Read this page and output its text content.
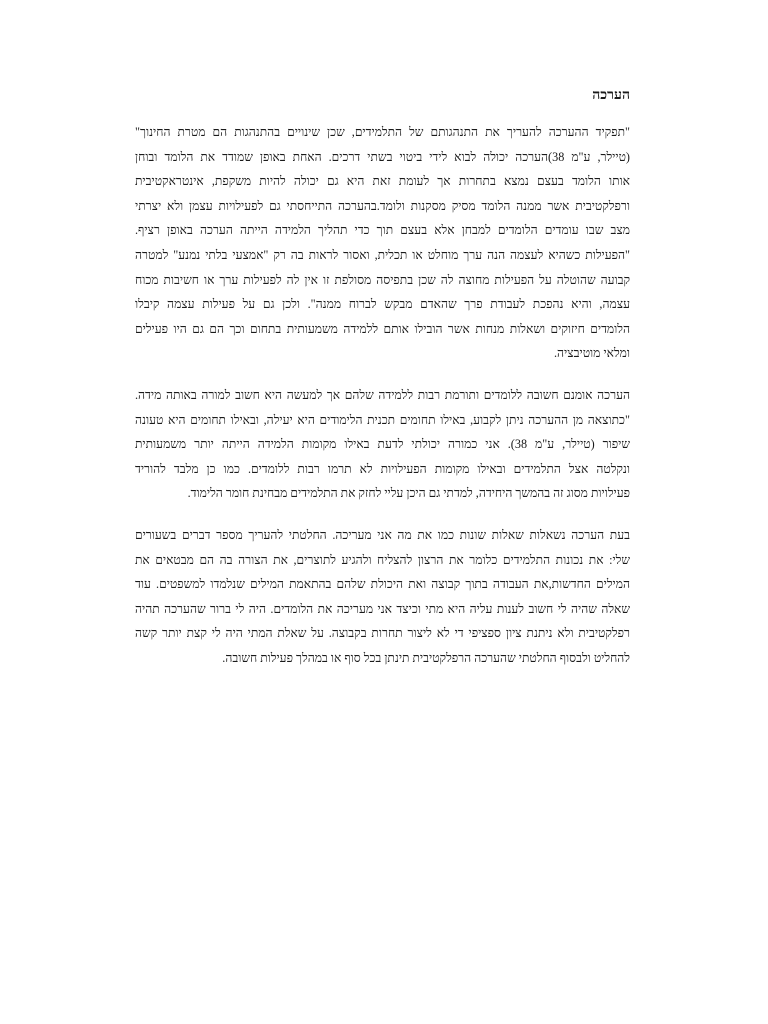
הערכה

"תפקיד ההערכה להעריך את התנהגותם של התלמידים, שכן שינויים בהתנהגות הם מטרת החינוך"
(טיילר, ע"מ 38)הערכה יכולה לבוא לידי ביטוי בשתי דרכים. האחת באופן שמודד את הלומד ובוחן
אותו הלומד בעצם נמצא בתחרות אך לעומת זאת היא גם יכולה להיות משקפת, אינטראקטיבית
ורפלקטיבית אשר ממנה הלומד מסיק מסקנות ולומד.בהערכה התייחסתי גם לפעילויות עצמן ולא יצרתי
מצב שבו עומדים הלומדים למבחן אלא בעצם תוך כדי תהליך הלמידה הייתה הערכה באופן רציף.
"הפעילות כשהיא לעצמה הנה ערך מוחלט או תכלית, ואסור לראות בה רק "אמצעי בלתי נמנע" למטרה
קבועה שהוטלה על הפעילות מחוצה לה שכן בתפיסה מסולפת זו אין לה לפעילות ערך או חשיבות מכוח
עצמה, והיא נהפכת לעבודת פרך שהאדם מבקש לברוח ממנה". ולכן גם על פעילות עצמה קיבלו
הלומדים חיזוקים ושאלות מנחות אשר הובילו אותם ללמידה משמעותית בתחום וכך הם גם היו פעילים
ומלאי מוטיבציה.

הערכה אומנם חשובה ללומדים ותורמת רבות ללמידה שלהם אך למעשה היא חשוב למורה באותה מידה.
"כתוצאה מן ההערכה ניתן לקבוע, באילו תחומים תכנית הלימודים היא יעילה, ובאילו תחומים היא טעונה
שיפור (טיילר, ע"מ 38). אני כמורה יכולתי לדעת באילו מקומות הלמידה הייתה יותר משמעותית
ונקלטה אצל התלמידים ובאילו מקומות הפעילויות לא תרמו רבות ללומדים. כמו כן מלבד להוריד
פעילויות מסוג זה בהמשך היחידה, למדתי גם היכן עליי לחזק את התלמידים מבחינת חומר הלימוד.

בעת הערכה נשאלות שאלות שונות כמו את מה אני מעריכה. החלטתי להעריך מספר דברים בשעורים
שלי: את נכונות התלמידים כלומר את הרצון להצליח ולהגיע לתוצרים, את הצורה בה הם מבטאים את
המילים החדשות,את העבודה בתוך קבוצה ואת היכולת שלהם בהתאמת המילים שנלמדו למשפטים. עוד
שאלה שהיה לי חשוב לענות עליה היא מתי וכיצד אני מעריכה את הלומדים. היה לי ברור שהערכה תהיה
רפלקטיבית ולא ניתנת ציון ספציפי די לא ליצור תחרות בקבוצה. על שאלת המתי היה לי קצת יותר קשה
להחליט ולבסוף החלטתי שהערכה הרפלקטיבית תינתן בכל סוף או במהלך פעילות חשובה.
